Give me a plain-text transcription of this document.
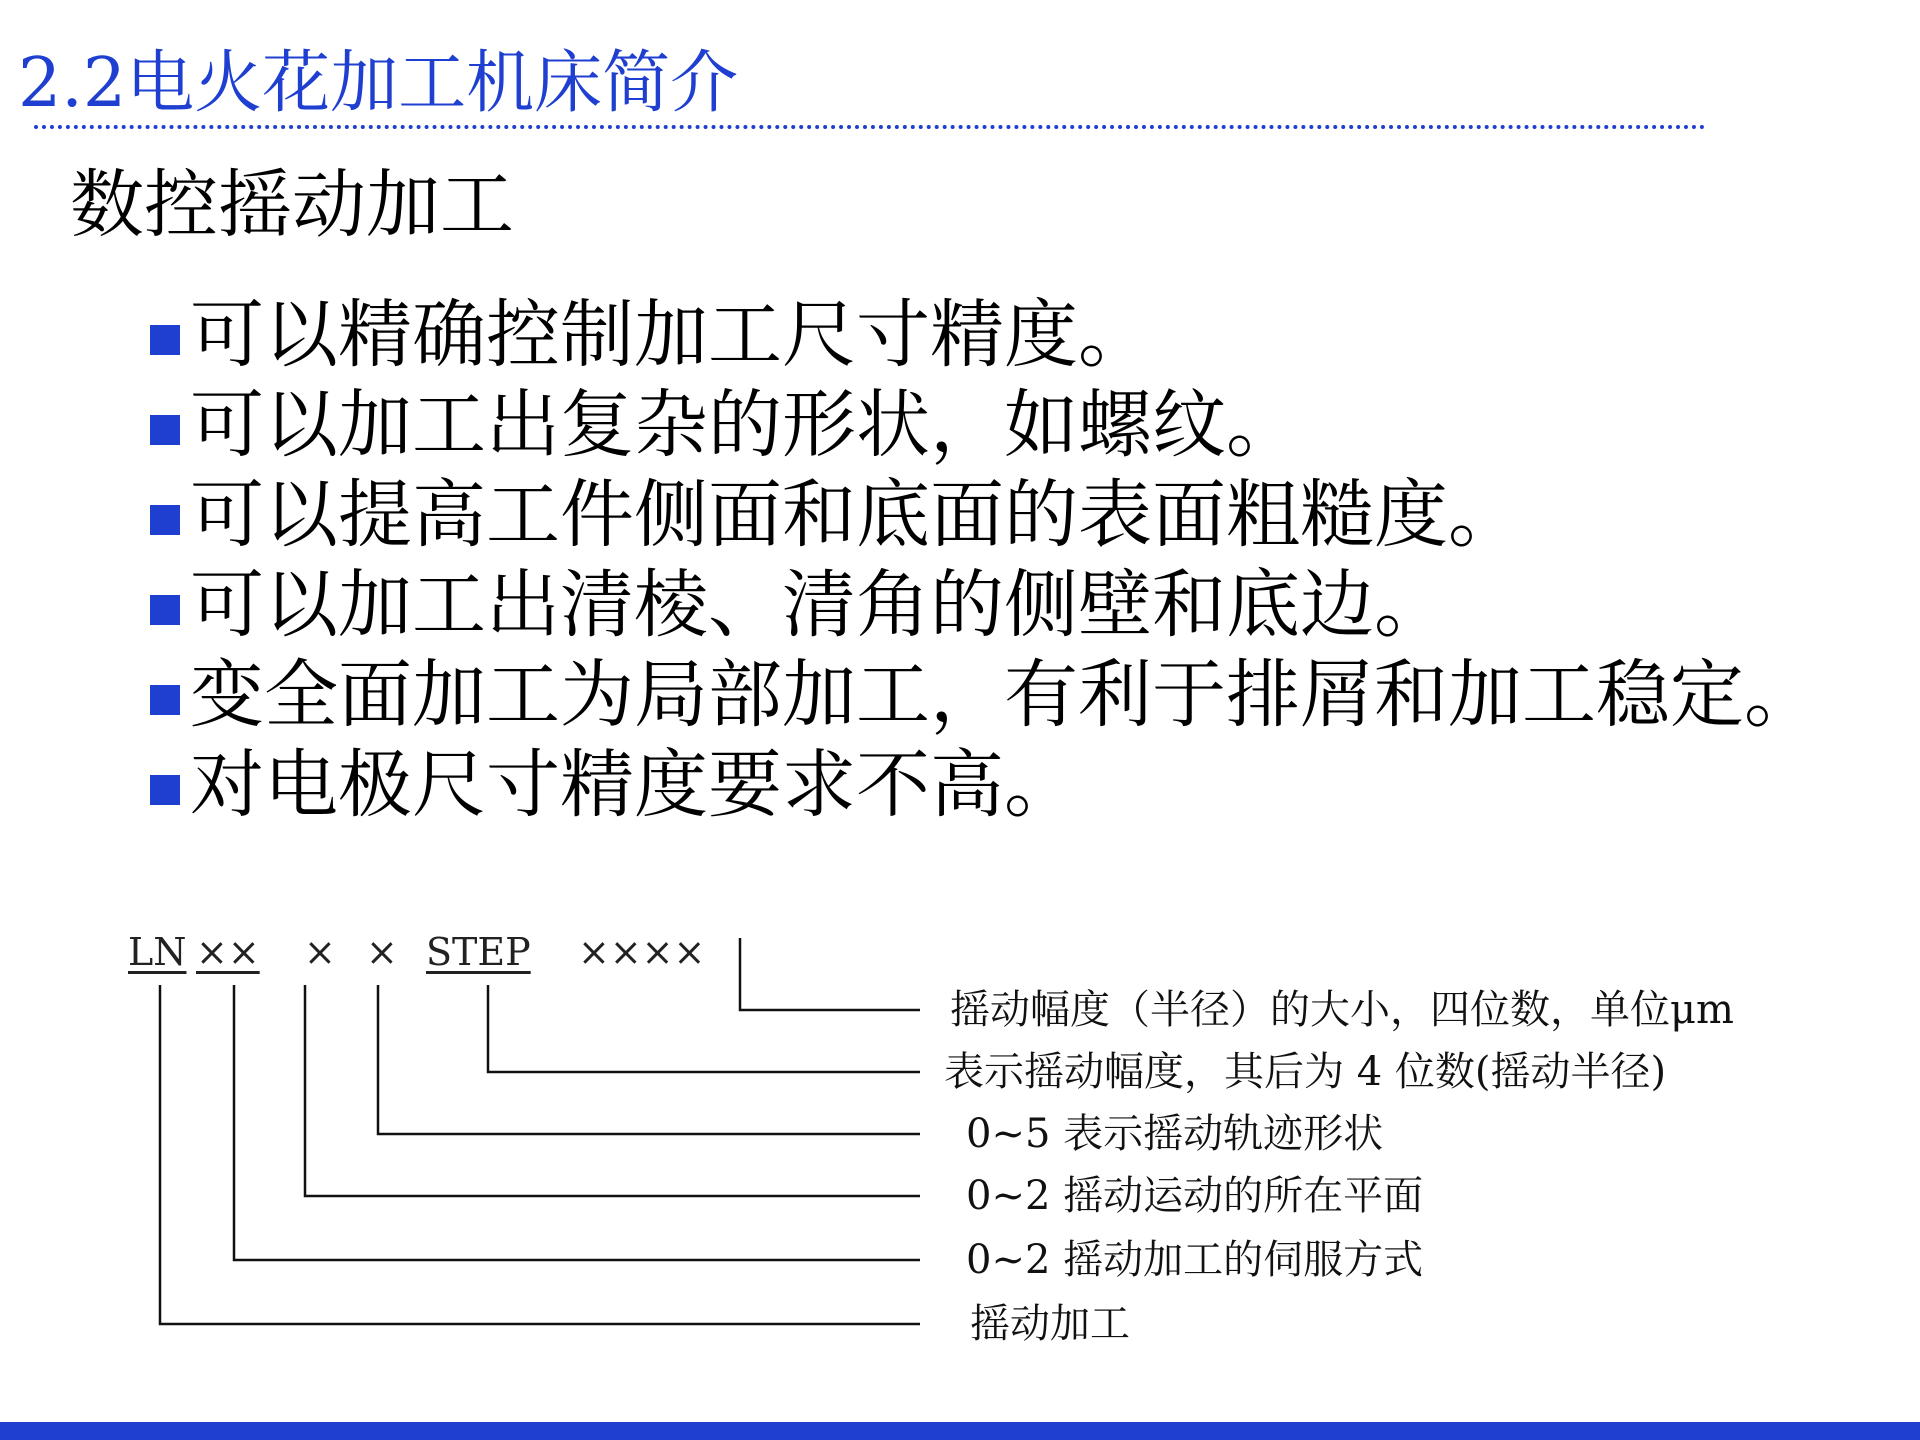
2.2电火花加工机床简介
数控摇动加工
可以精确控制加工尺寸精度。
可以加工出复杂的形状，如螺纹。
可以提高工件侧面和底面的表面粗糙度。
可以加工出清棱、清角的侧壁和底边。
变全面加工为局部加工，有利于排屑和加工稳定。
对电极尺寸精度要求不高。
LN ×× × × STEP ××××
摇动幅度（半径）的大小，四位数，单位μm
表示摇动幅度，其后为 4 位数(摇动半径)
0~5 表示摇动轨迹形状
0~2 摇动运动的所在平面
0~2 摇动加工的伺服方式
摇动加工
